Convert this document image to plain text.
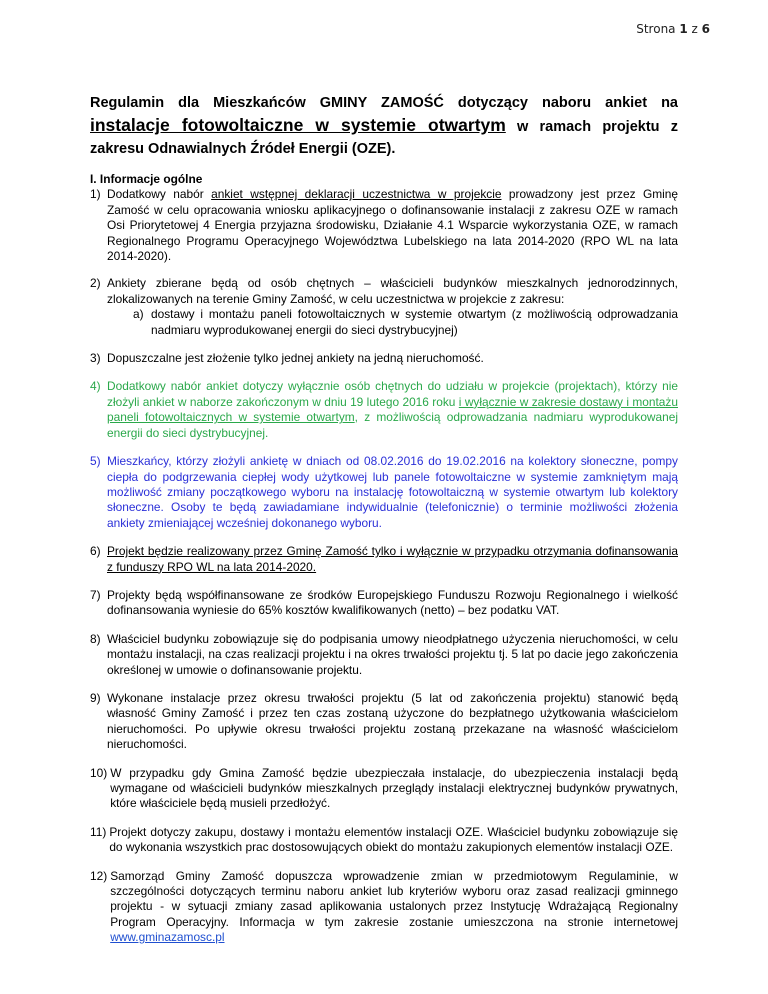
Strona 1 z 6
Regulamin dla Mieszkańców GMINY ZAMOŚĆ dotyczący naboru ankiet na instalacje fotowoltaiczne w systemie otwartym w ramach projektu z zakresu Odnawialnych Źródeł Energii (OZE).

I. Informacje ogólne

1) Dodatkowy nabór ankiet wstępnej deklaracji uczestnictwa w projekcie prowadzony jest przez Gminę Zamość w celu opracowania wniosku aplikacyjnego o dofinansowanie instalacji z zakresu OZE w ramach Osi Priorytetowej 4 Energia przyjazna środowisku, Działanie 4.1 Wsparcie wykorzystania OZE, w ramach Regionalnego Programu Operacyjnego Województwa Lubelskiego na lata 2014-2020 (RPO WL na lata 2014-2020).
2) Ankiety zbierane będą od osób chętnych – właścicieli budynków mieszkalnych jednorodzinnych, zlokalizowanych na terenie Gminy Zamość, w celu uczestnictwa w projekcie z zakresu:
a) dostawy i montażu paneli fotowoltaicznych w systemie otwartym (z możliwością odprowadzania nadmiaru wyprodukowanej energii do sieci dystrybucyjnej)
3) Dopuszczalne jest złożenie tylko jednej ankiety na jedną nieruchomość.
4) Dodatkowy nabór ankiet dotyczy wyłącznie osób chętnych do udziału w projekcie (projektach), którzy nie złożyli ankiet w naborze zakończonym w dniu 19 lutego 2016 roku i wyłącznie w zakresie dostawy i montażu paneli fotowoltaicznych w systemie otwartym, z możliwością odprowadzania nadmiaru wyprodukowanej energii do sieci dystrybucyjnej.
5) Mieszkańcy, którzy złożyli ankietę w dniach od 08.02.2016 do 19.02.2016 na kolektory słoneczne, pompy ciepła do podgrzewania ciepłej wody użytkowej lub panele fotowoltaiczne w systemie zamkniętym mają możliwość zmiany początkowego wyboru na instalację fotowoltaiczną w systemie otwartym lub kolektory słoneczne. Osoby te będą zawiadamiane indywidualnie (telefonicznie) o terminie możliwości złożenia ankiety zmieniającej wcześniej dokonanego wyboru.
6) Projekt będzie realizowany przez Gminę Zamość tylko i wyłącznie w przypadku otrzymania dofinansowania z funduszy RPO WL na lata 2014-2020.
7) Projekty będą współfinansowane ze środków Europejskiego Funduszu Rozwoju Regionalnego i wielkość dofinansowania wyniesie do 65% kosztów kwalifikowanych (netto) – bez podatku VAT.
8) Właściciel budynku zobowiązuje się do podpisania umowy nieodpłatnego użyczenia nieruchomości, w celu montażu instalacji, na czas realizacji projektu i na okres trwałości projektu tj. 5 lat po dacie jego zakończenia określonej w umowie o dofinansowanie projektu.
9) Wykonane instalacje przez okresu trwałości projektu (5 lat od zakończenia projektu) stanowić będą własność Gminy Zamość i przez ten czas zostaną użyczone do bezpłatnego użytkowania właścicielom nieruchomości. Po upływie okresu trwałości projektu zostaną przekazane na własność właścicielom nieruchomości.
10) W przypadku gdy Gmina Zamość będzie ubezpieczała instalacje, do ubezpieczenia instalacji będą wymagane od właścicieli budynków mieszkalnych przeglądy instalacji elektrycznej budynków prywatnych, które właściciele będą musieli przedłożyć.
11) Projekt dotyczy zakupu, dostawy i montażu elementów instalacji OZE. Właściciel budynku zobowiązuje się do wykonania wszystkich prac dostosowujących obiekt do montażu zakupionych elementów instalacji OZE.
12) Samorząd Gminy Zamość dopuszcza wprowadzenie zmian w przedmiotowym Regulaminie, w szczególności dotyczących terminu naboru ankiet lub kryteriów wyboru oraz zasad realizacji gminnego projektu - w sytuacji zmiany zasad aplikowania ustalonych przez Instytucję Wdrażającą Regionalny Program Operacyjny. Informacja w tym zakresie zostanie umieszczona na stronie internetowej www.gminazamosc.pl
